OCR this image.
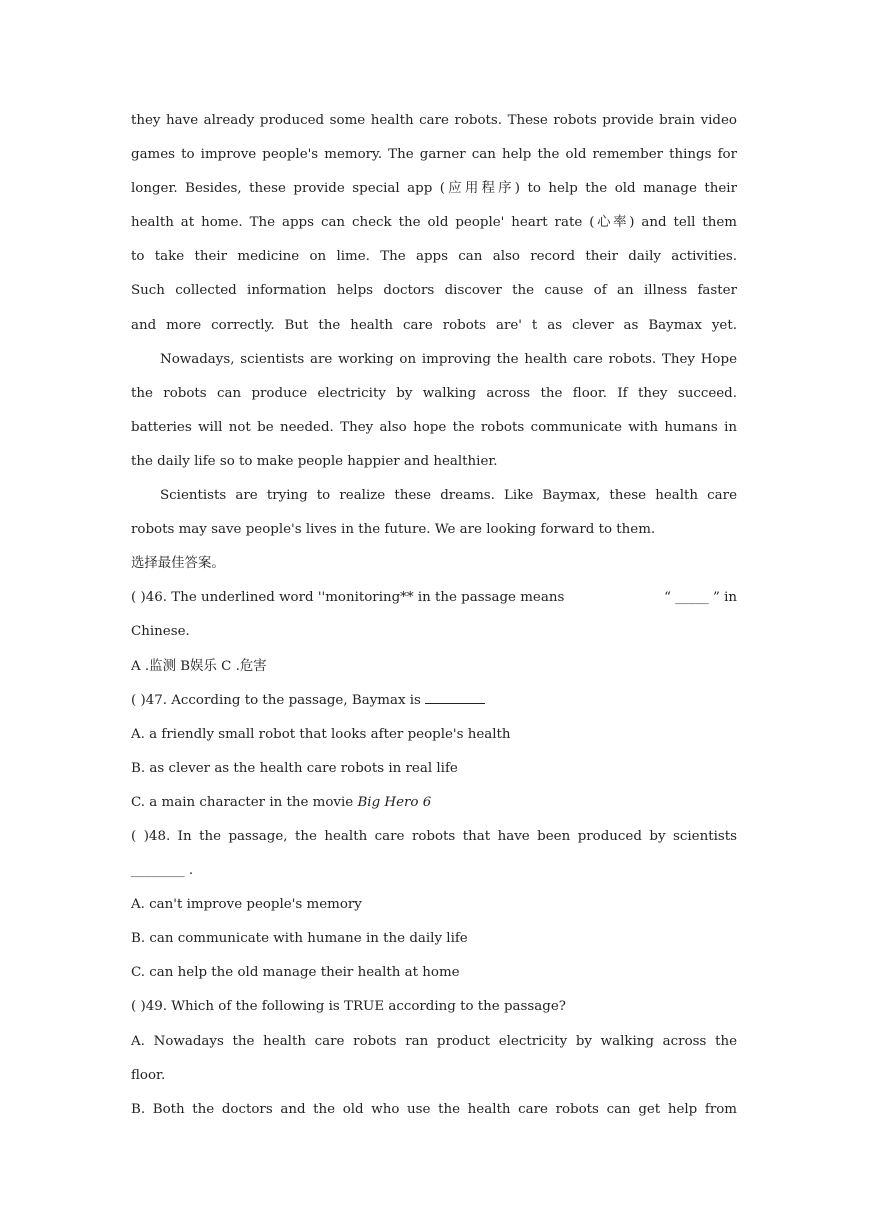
they have already produced some health care robots. These robots provide brain video
games to improve people's memory. The garner can help the old remember things for
longer. Besides, these provide special app (应用程序) to help the old manage their
health at home. The apps can check the old people' heart rate (心率) and tell them
to take their medicine on lime. The apps can also record their daily activities.
Such collected information helps doctors discover the cause of an illness faster
and more correctly. But the health care robots are' t as clever as Baymax yet.
Nowadays, scientists are working on improving the health care robots. They Hope
the robots can produce electricity by walking across the floor. If they succeed.
batteries will not be needed. They also hope the robots communicate with humans in
the daily life so to make people happier and healthier.
Scientists are trying to realize these dreams. Like Baymax, these health care
robots may save people's lives in the future. We are looking forward to them.
选择最佳答案。
( )46. The underlined word ''monitoring** in the passage means	“ _____ ” in
Chinese.
A .监测 B娱乐 C .危害
( )47. According to the passage, Baymax is
A. a friendly small robot that looks after people's health
B. as clever as the health care robots in real life
C. a main character in the movie Big Hero 6
( )48. In the passage, the health care robots that have been produced by scientists
________ .
A. can't improve people's memory
B. can communicate with humane in the daily life
C. can help the old manage their health at home
( )49. Which of the following is TRUE according to the passage?
A. Nowadays the health care robots ran product electricity by walking across the
floor.
B. Both the doctors and the old who use the health care robots can get help from
